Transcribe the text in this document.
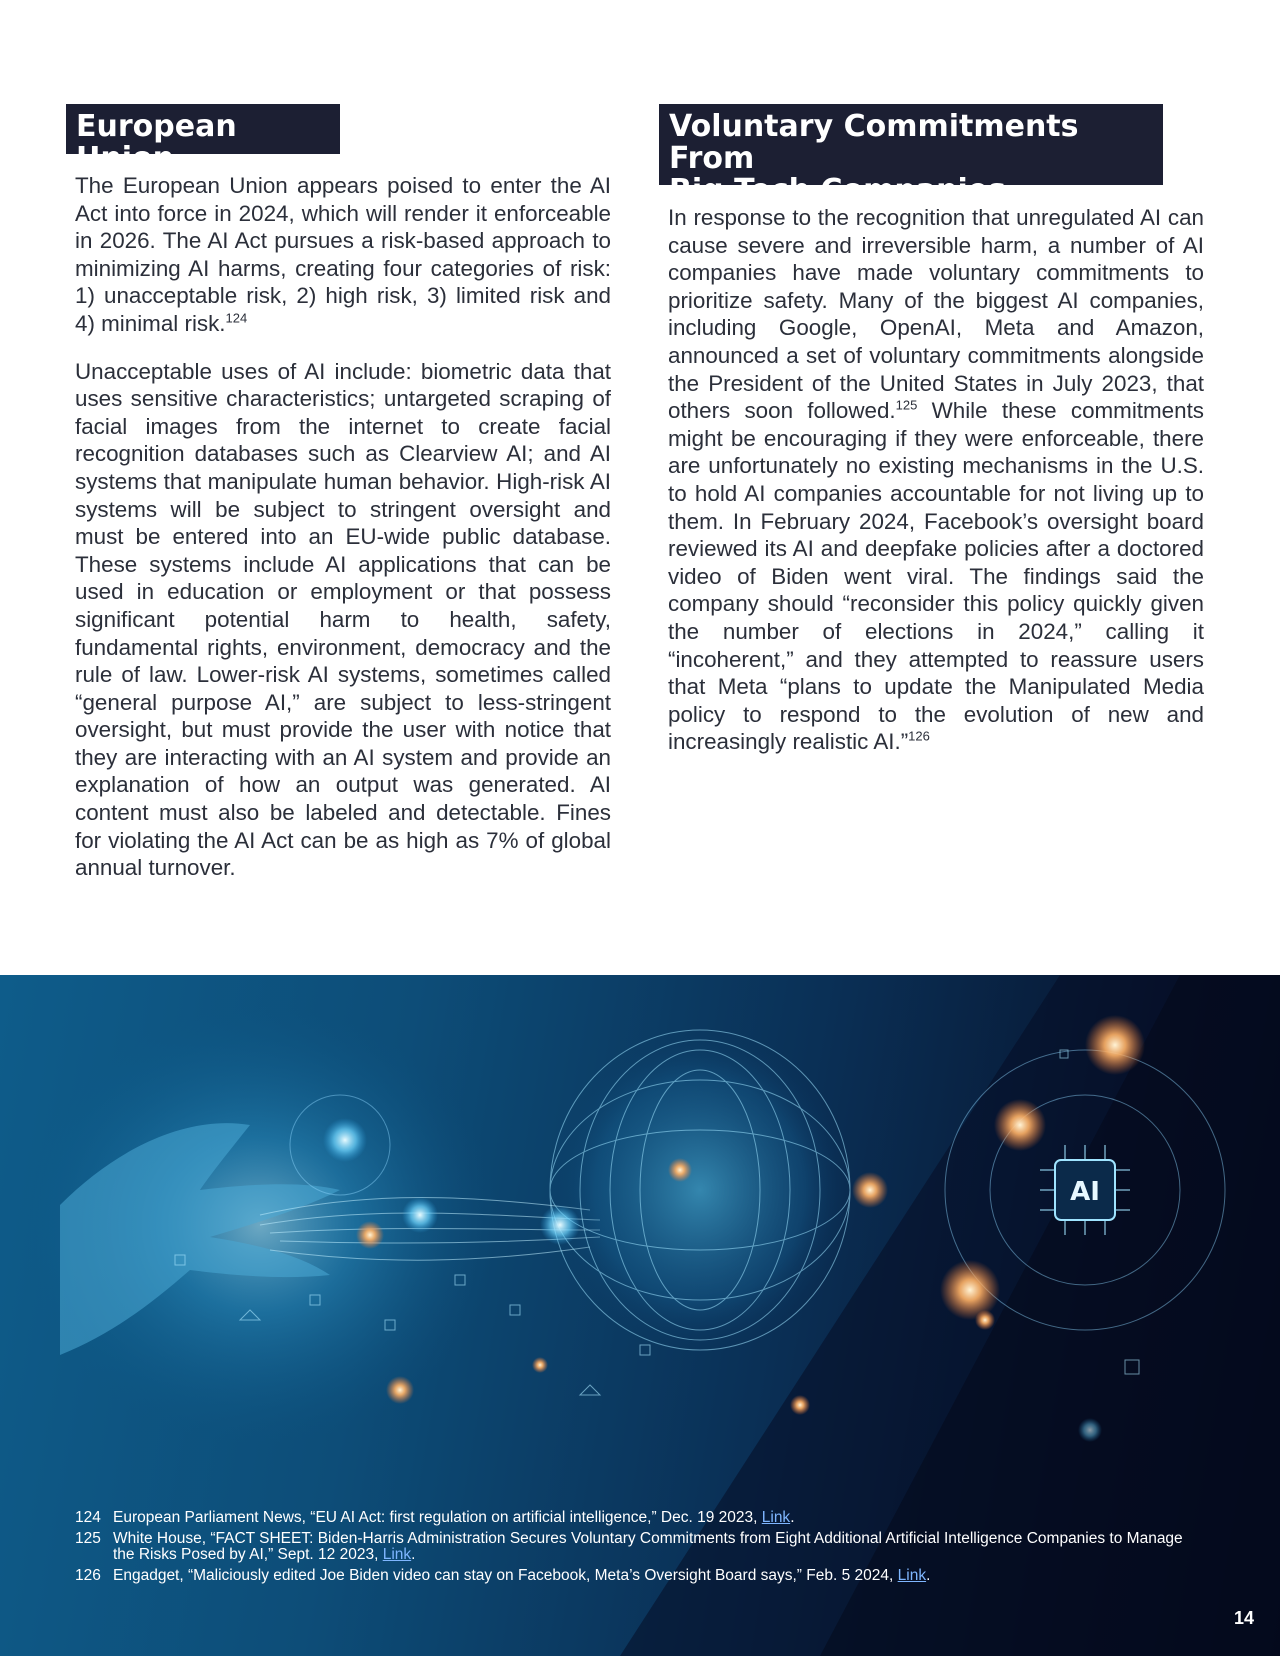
European Union

The European Union appears poised to enter the AI Act into force in 2024, which will render it enforceable in 2026. The AI Act pursues a risk-based approach to minimizing AI harms, creating four categories of risk: 1) unacceptable risk, 2) high risk, 3) limited risk and 4) minimal risk.$^{124}$

Unacceptable uses of AI include: biometric data that uses sensitive characteristics; untargeted scraping of facial images from the internet to create facial recognition databases such as Clearview AI; and AI systems that manipulate human behavior. High-risk AI systems will be subject to stringent oversight and must be entered into an EU-wide public database. These systems include AI applications that can be used in education or employment or that possess significant potential harm to health, safety, fundamental rights, environment, democracy and the rule of law. Lower-risk AI systems, sometimes called “general purpose AI,” are subject to less-stringent oversight, but must provide the user with notice that they are interacting with an AI system and provide an explanation of how an output was generated. AI content must also be labeled and detectable. Fines for violating the AI Act can be as high as 7% of global annual turnover.

Voluntary Commitments From
Big Tech Companies

In response to the recognition that unregulated AI can cause severe and irreversible harm, a number of AI companies have made voluntary commitments to prioritize safety. Many of the biggest AI companies, including Google, OpenAI, Meta and Amazon, announced a set of voluntary commitments alongside the President of the United States in July 2023, that others soon followed.$^{125}$ While these commitments might be encouraging if they were enforceable, there are unfortunately no existing mechanisms in the U.S. to hold AI companies accountable for not living up to them. In February 2024, Facebook’s oversight board reviewed its AI and deepfake policies after a doctored video of Biden went viral. The findings said the company should “reconsider this policy quickly given the number of elections in 2024,” calling it “incoherent,” and they attempted to reassure users that Meta “plans to update the Manipulated Media policy to respond to the evolution of new and increasingly realistic AI.”$^{126}$

AI
124 European Parliament News, “EU AI Act: first regulation on artificial intelligence,” Dec. 19 2023, Link.
125 White House, “FACT SHEET: Biden-Harris Administration Secures Voluntary Commitments from Eight Additional Artificial Intelligence Companies to Manage the Risks Posed by AI,” Sept. 12 2023, Link.
126 Engadget, “Maliciously edited Joe Biden video can stay on Facebook, Meta’s Oversight Board says,” Feb. 5 2024, Link.
14
